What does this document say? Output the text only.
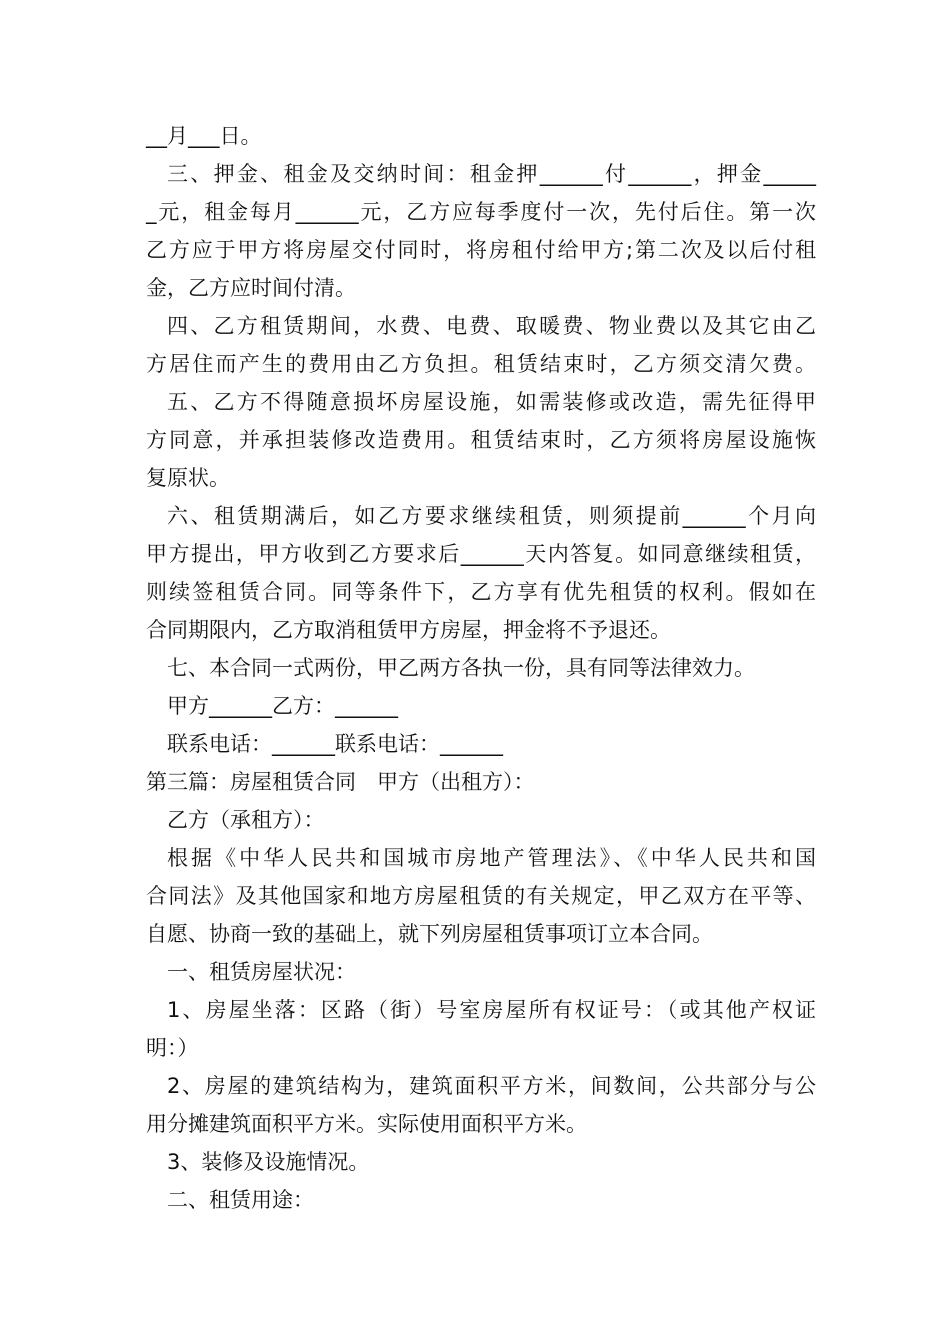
__月___日。
三、押金、租金及交纳时间：租金押______付______，押金_____
_元，租金每月______元，乙方应每季度付一次，先付后住。第一次
乙方应于甲方将房屋交付同时，将房租付给甲方;第二次及以后付租
金，乙方应时间付清。
四、乙方租赁期间，水费、电费、取暖费、物业费以及其它由乙
方居住而产生的费用由乙方负担。租赁结束时，乙方须交清欠费。
五、乙方不得随意损坏房屋设施，如需装修或改造，需先征得甲
方同意，并承担装修改造费用。租赁结束时，乙方须将房屋设施恢
复原状。
六、租赁期满后，如乙方要求继续租赁，则须提前______个月向
甲方提出，甲方收到乙方要求后______天内答复。如同意继续租赁，
则续签租赁合同。同等条件下，乙方享有优先租赁的权利。假如在
合同期限内，乙方取消租赁甲方房屋，押金将不予退还。
七、本合同一式两份，甲乙两方各执一份，具有同等法律效力。
甲方______乙方：______
联系电话：______联系电话：______
第三篇：房屋租赁合同　甲方（出租方）：
乙方（承租方）：
根据《中华人民共和国城市房地产管理法》、《中华人民共和国
合同法》及其他国家和地方房屋租赁的有关规定，甲乙双方在平等、
自愿、协商一致的基础上，就下列房屋租赁事项订立本合同。
一、租赁房屋状况：
1、房屋坐落：区路（街）号室房屋所有权证号：（或其他产权证
明：）
2、房屋的建筑结构为，建筑面积平方米，间数间，公共部分与公
用分摊建筑面积平方米。实际使用面积平方米。
3、装修及设施情况。
二、租赁用途：
